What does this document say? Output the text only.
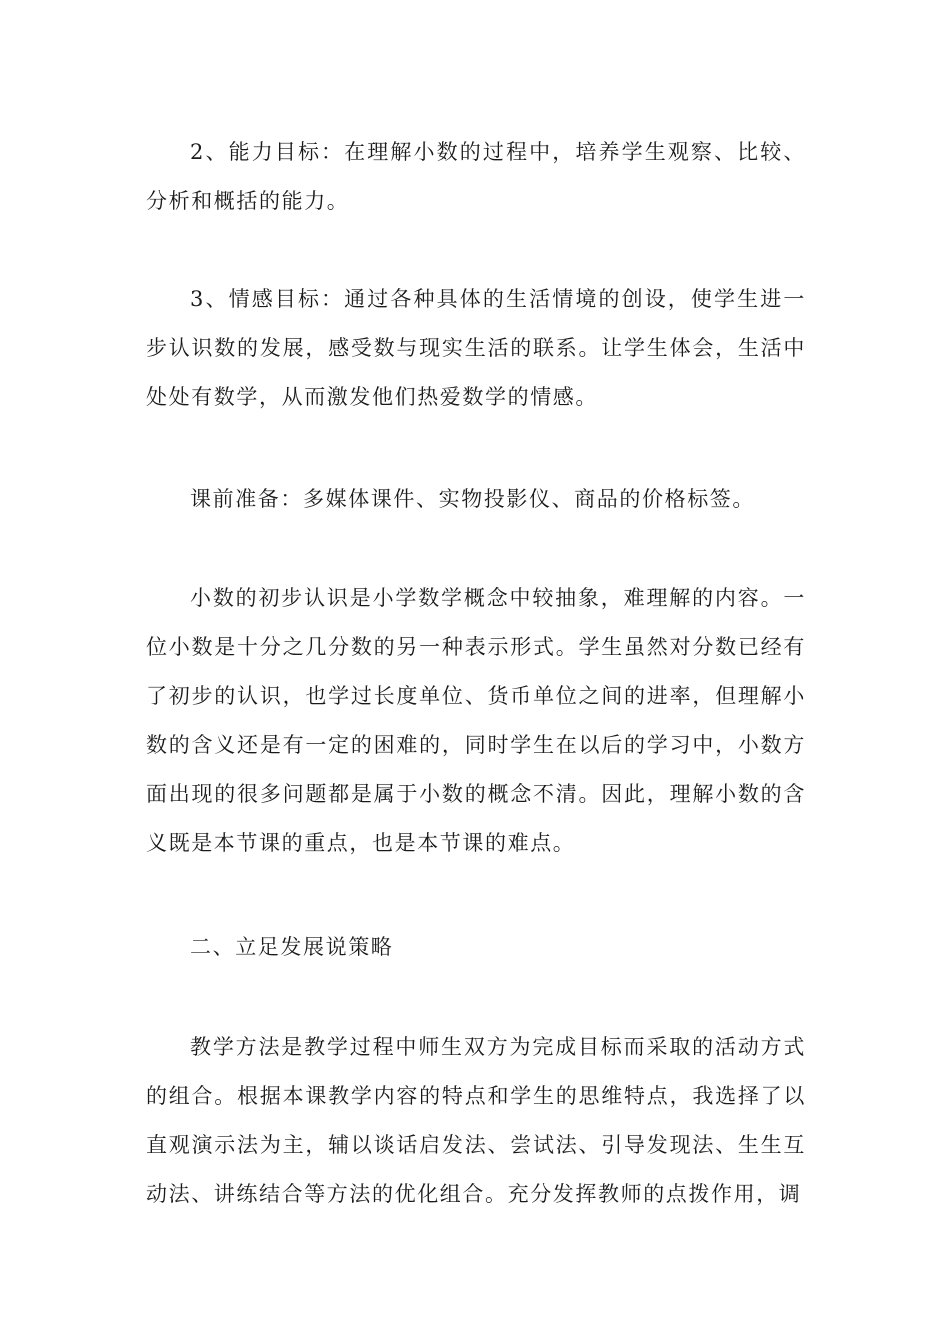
2、能力目标：在理解小数的过程中，培养学生观察、比较、分析和概括的能力。

3、情感目标：通过各种具体的生活情境的创设，使学生进一步认识数的发展，感受数与现实生活的联系。让学生体会，生活中处处有数学，从而激发他们热爱数学的情感。

课前准备：多媒体课件、实物投影仪、商品的价格标签。

小数的初步认识是小学数学概念中较抽象，难理解的内容。一位小数是十分之几分数的另一种表示形式。学生虽然对分数已经有了初步的认识，也学过长度单位、货币单位之间的进率，但理解小数的含义还是有一定的困难的，同时学生在以后的学习中，小数方面出现的很多问题都是属于小数的概念不清。因此，理解小数的含义既是本节课的重点，也是本节课的难点。

二、立足发展说策略

教学方法是教学过程中师生双方为完成目标而采取的活动方式的组合。根据本课教学内容的特点和学生的思维特点，我选择了以直观演示法为主，辅以谈话启发法、尝试法、引导发现法、生生互动法、讲练结合等方法的优化组合。充分发挥教师的点拨作用，调
